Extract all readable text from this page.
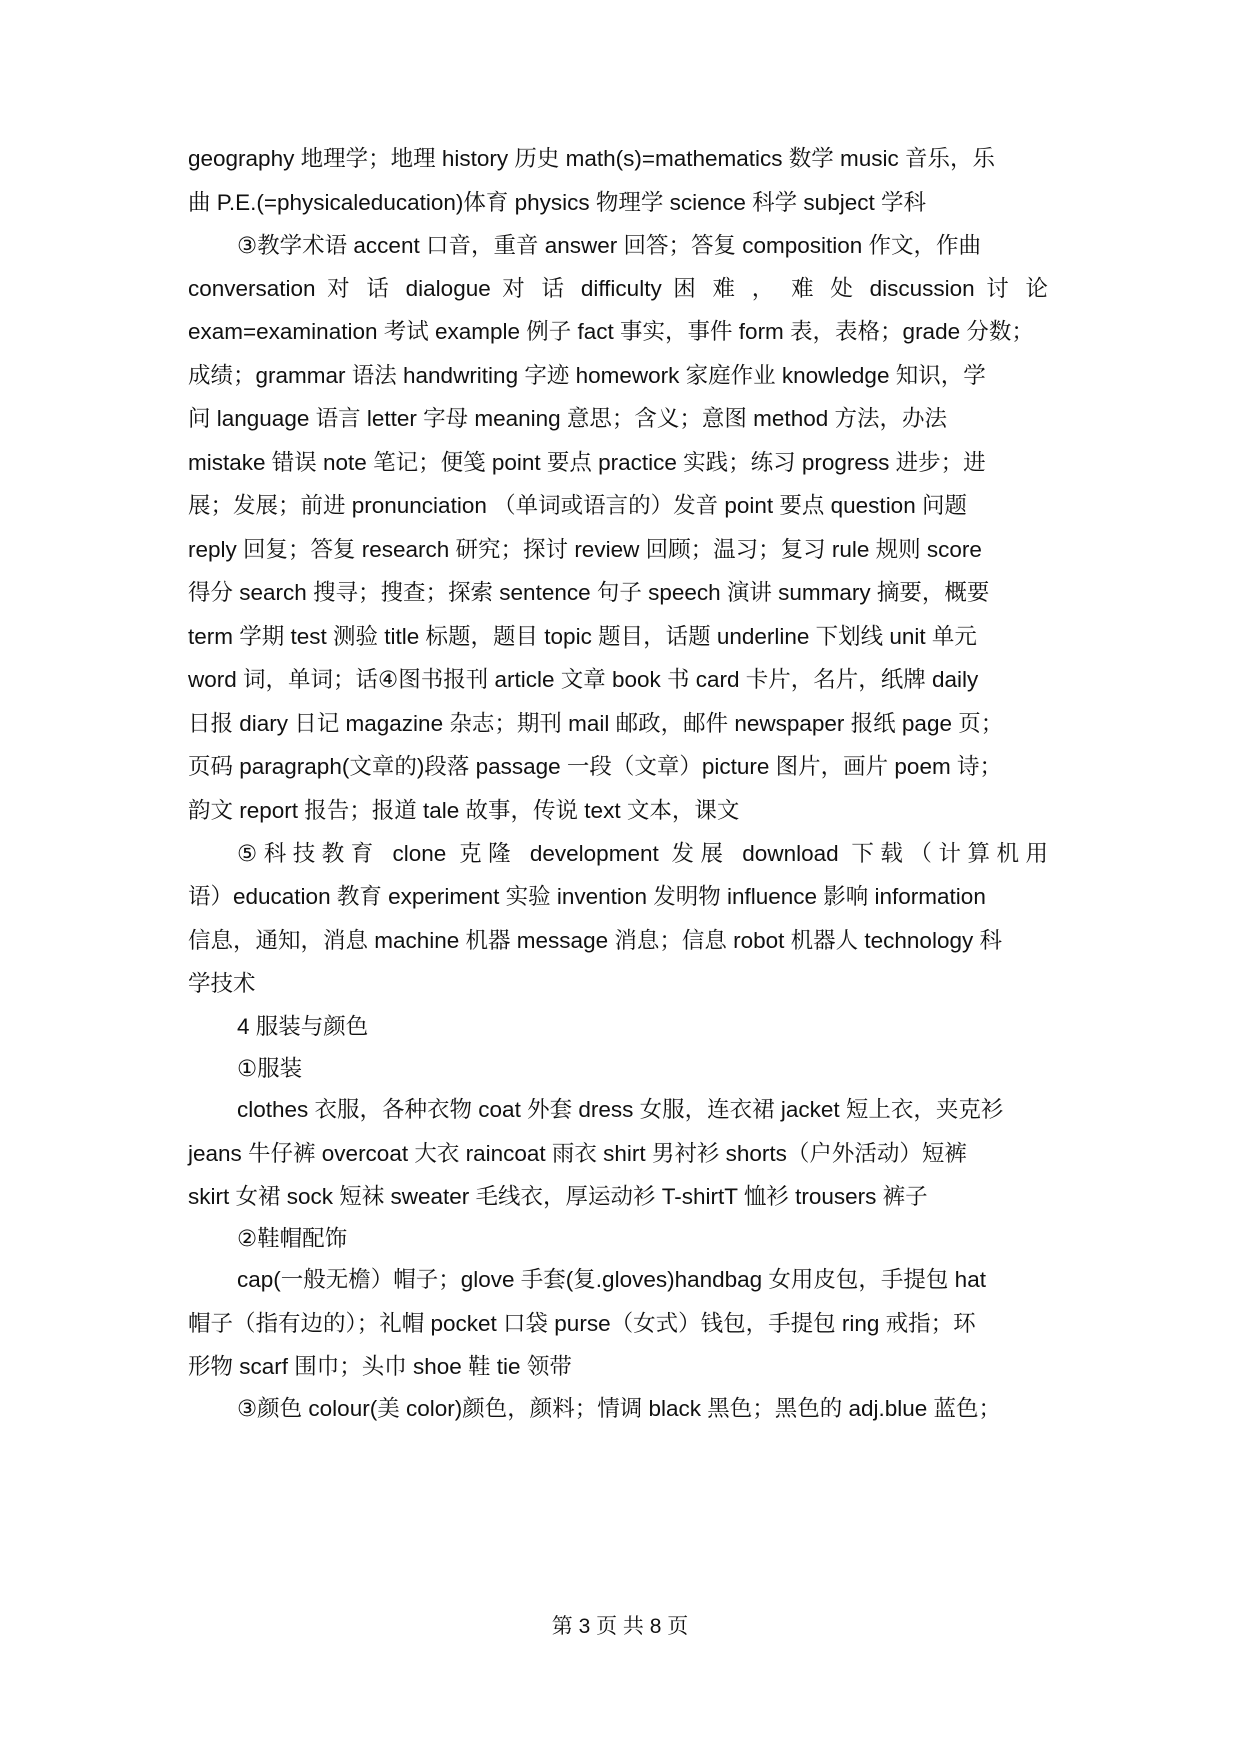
geography 地理学；地理 history 历史 math(s)=mathematics 数学 music 音乐，乐
曲 P.E.(=physicaleducation)体育 physics 物理学 science 科学 subject 学科
③教学术语 accent 口音，重音 answer 回答；答复 composition 作文，作曲
conversation 对 话 dialogue 对 话 difficulty 困 难 ， 难 处 discussion 讨 论
exam=examination 考试 example 例子 fact 事实，事件 form 表，表格；grade 分数；
成绩；grammar 语法 handwriting 字迹 homework 家庭作业 knowledge 知识，学
问 language 语言 letter 字母 meaning 意思；含义；意图 method 方法，办法
mistake 错误 note 笔记；便笺 point 要点 practice 实践；练习 progress 进步；进
展；发展；前进 pronunciation （单词或语言的）发音 point 要点 question 问题
reply 回复；答复 research 研究；探讨 review 回顾；温习；复习 rule 规则 score
得分 search 搜寻；搜查；探索 sentence 句子 speech 演讲 summary 摘要，概要
term 学期 test 测验 title 标题，题目 topic 题目，话题 underline 下划线 unit 单元
word 词，单词；话④图书报刊 article 文章 book 书 card 卡片，名片，纸牌 daily
日报 diary 日记 magazine 杂志；期刊 mail 邮政，邮件 newspaper 报纸 page 页；
页码 paragraph(文章的)段落 passage 一段（文章）picture 图片，画片 poem 诗；
韵文 report 报告；报道 tale 故事，传说 text 文本，课文
⑤科技教育 clone 克隆 development 发展 download 下载（计算机用
语）education 教育 experiment 实验 invention 发明物 influence 影响 information
信息，通知，消息 machine 机器 message 消息；信息 robot 机器人 technology 科
学技术
4 服装与颜色
①服装
clothes 衣服，各种衣物 coat 外套 dress 女服，连衣裙 jacket 短上衣，夹克衫
jeans 牛仔裤 overcoat 大衣 raincoat 雨衣 shirt 男衬衫 shorts（户外活动）短裤
skirt 女裙 sock 短袜 sweater 毛线衣，厚运动衫 T-shirtT 恤衫 trousers 裤子
②鞋帽配饰
cap(一般无檐）帽子；glove 手套(复.gloves)handbag 女用皮包，手提包 hat
帽子（指有边的）；礼帽 pocket 口袋 purse（女式）钱包，手提包 ring 戒指；环
形物 scarf 围巾；头巾 shoe 鞋 tie 领带
③颜色 colour(美 color)颜色，颜料；情调 black 黑色；黑色的 adj.blue 蓝色；
第 3 页 共 8 页
